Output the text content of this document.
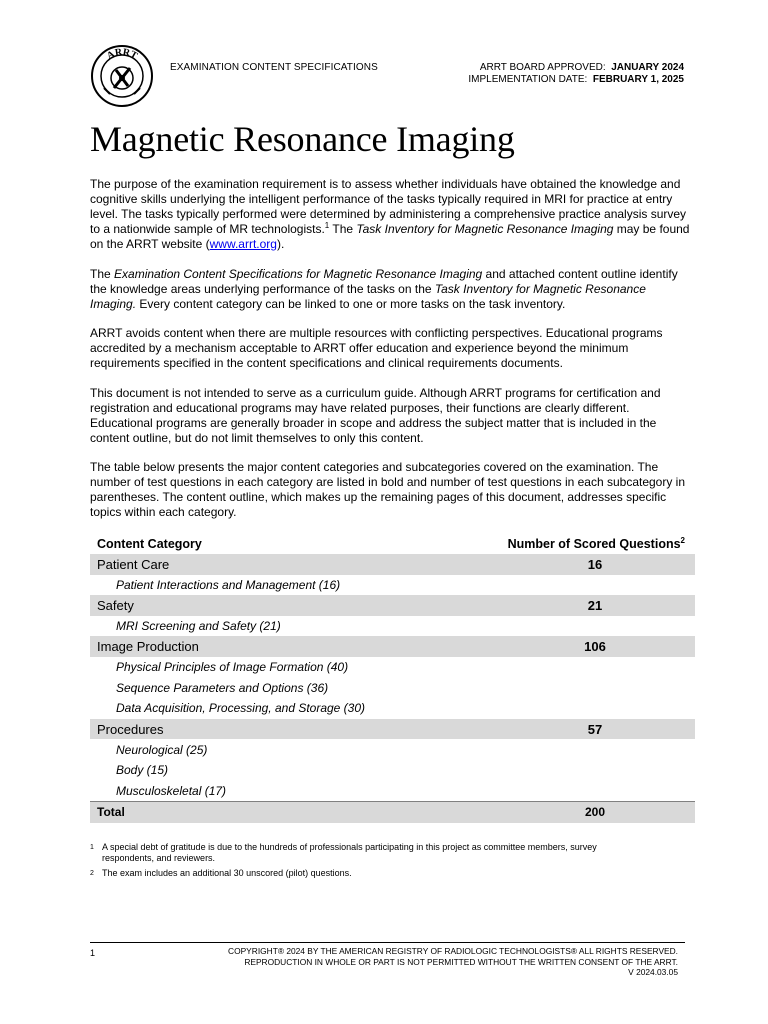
ARRT
EXAMINATION CONTENT SPECIFICATIONS	ARRT BOARD APPROVED: JANUARY 2024
IMPLEMENTATION DATE: FEBRUARY 1, 2025
Magnetic Resonance Imaging

The purpose of the examination requirement is to assess whether individuals have obtained the knowledge and cognitive skills underlying the intelligent performance of the tasks typically required in MRI for practice at entry level. The tasks typically performed were determined by administering a comprehensive practice analysis survey to a nationwide sample of MR technologists.$^1$ The Task Inventory for Magnetic Resonance Imaging may be found on the ARRT website (www.arrt.org).

The Examination Content Specifications for Magnetic Resonance Imaging and attached content outline identify the knowledge areas underlying performance of the tasks on the Task Inventory for Magnetic Resonance Imaging. Every content category can be linked to one or more tasks on the task inventory.

ARRT avoids content when there are multiple resources with conflicting perspectives. Educational programs accredited by a mechanism acceptable to ARRT offer education and experience beyond the minimum requirements specified in the content specifications and clinical requirements documents.

This document is not intended to serve as a curriculum guide. Although ARRT programs for certification and registration and educational programs may have related purposes, their functions are clearly different. Educational programs are generally broader in scope and address the subject matter that is included in the content outline, but do not limit themselves to only this content.

The table below presents the major content categories and subcategories covered on the examination. The number of test questions in each category are listed in bold and number of test questions in each subcategory in parentheses. The content outline, which makes up the remaining pages of this document, addresses specific topics within each category.

Content Category	Number of Scored Questions$^2$
Patient Care	16
Patient Interactions and Management (16)
Safety	21
MRI Screening and Safety (21)
Image Production	106
Physical Principles of Image Formation (40)
Sequence Parameters and Options (36)
Data Acquisition, Processing, and Storage (30)
Procedures	57
Neurological (25)
Body (15)
Musculoskeletal (17)
Total	200
1 A special debt of gratitude is due to the hundreds of professionals participating in this project as committee members, survey respondents, and reviewers.
2 The exam includes an additional 30 unscored (pilot) questions.
1	COPYRIGHT® 2024 BY THE AMERICAN REGISTRY OF RADIOLOGIC TECHNOLOGISTS® ALL RIGHTS RESERVED.
REPRODUCTION IN WHOLE OR PART IS NOT PERMITTED WITHOUT THE WRITTEN CONSENT OF THE ARRT.
V 2024.03.05
